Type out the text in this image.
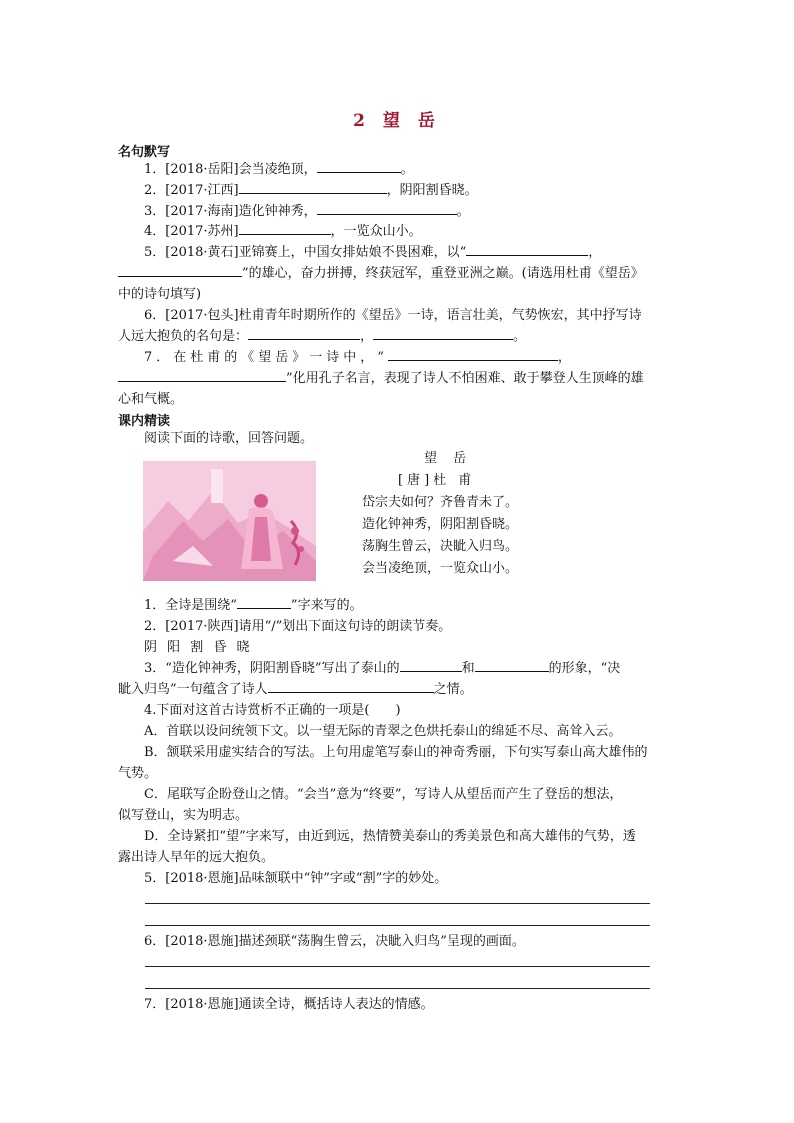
2 望 岳
名句默写
1．[2018·岳阳]会当凌绝顶，	。
2．[2017·江西]	，阴阳割昏晓。
3．[2017·海南]造化钟神秀，	。
4．[2017·苏州]	，一览众山小。
5．[2018·黄石]亚锦赛上，中国女排姑娘不畏困难，以“	，
”的雄心，奋力拼搏，终获冠军，重登亚洲之巅。(请选用杜甫《望岳》
中的诗句填写)
6．[2017·包头]杜甫青年时期所作的《望岳》一诗，语言壮美，气势恢宏，其中抒写诗
人远大抱负的名句是：	，	。
7．在杜甫的《望岳》一诗中，“	，
”化用孔子名言，表现了诗人不怕困难、敢于攀登人生顶峰的雄
心和气概。
课内精读
阅读下面的诗歌，回答问题。
望 岳
[唐]杜 甫
岱宗夫如何？齐鲁青未了。
造化钟神秀，阴阳割昏晓。
荡胸生曾云，决眦入归鸟。
会当凌绝顶，一览众山小。
1．全诗是围绕“	”字来写的。
2．[2017·陕西]请用“/”划出下面这句诗的朗读节奏。
阴 阳 割 昏 晓
3．“造化钟神秀，阴阳割昏晓”写出了泰山的	和	的形象，“决
眦入归鸟”一句蕴含了诗人	之情。
4.下面对这首古诗赏析不正确的一项是(　　)
A．首联以设问统领下文。以一望无际的青翠之色烘托泰山的绵延不尽、高耸入云。
B．颔联采用虚实结合的写法。上句用虚笔写泰山的神奇秀丽，下句实写泰山高大雄伟的
气势。
C．尾联写企盼登山之情。“会当”意为“终要”，写诗人从望岳而产生了登岳的想法，
似写登山，实为明志。
D．全诗紧扣“望”字来写，由近到远，热情赞美泰山的秀美景色和高大雄伟的气势，透
露出诗人早年的远大抱负。
5．[2018·恩施]品味颔联中“钟”字或“割”字的妙处。
6．[2018·恩施]描述颈联“荡胸生曾云，决眦入归鸟”呈现的画面。
7．[2018·恩施]通读全诗，概括诗人表达的情感。
